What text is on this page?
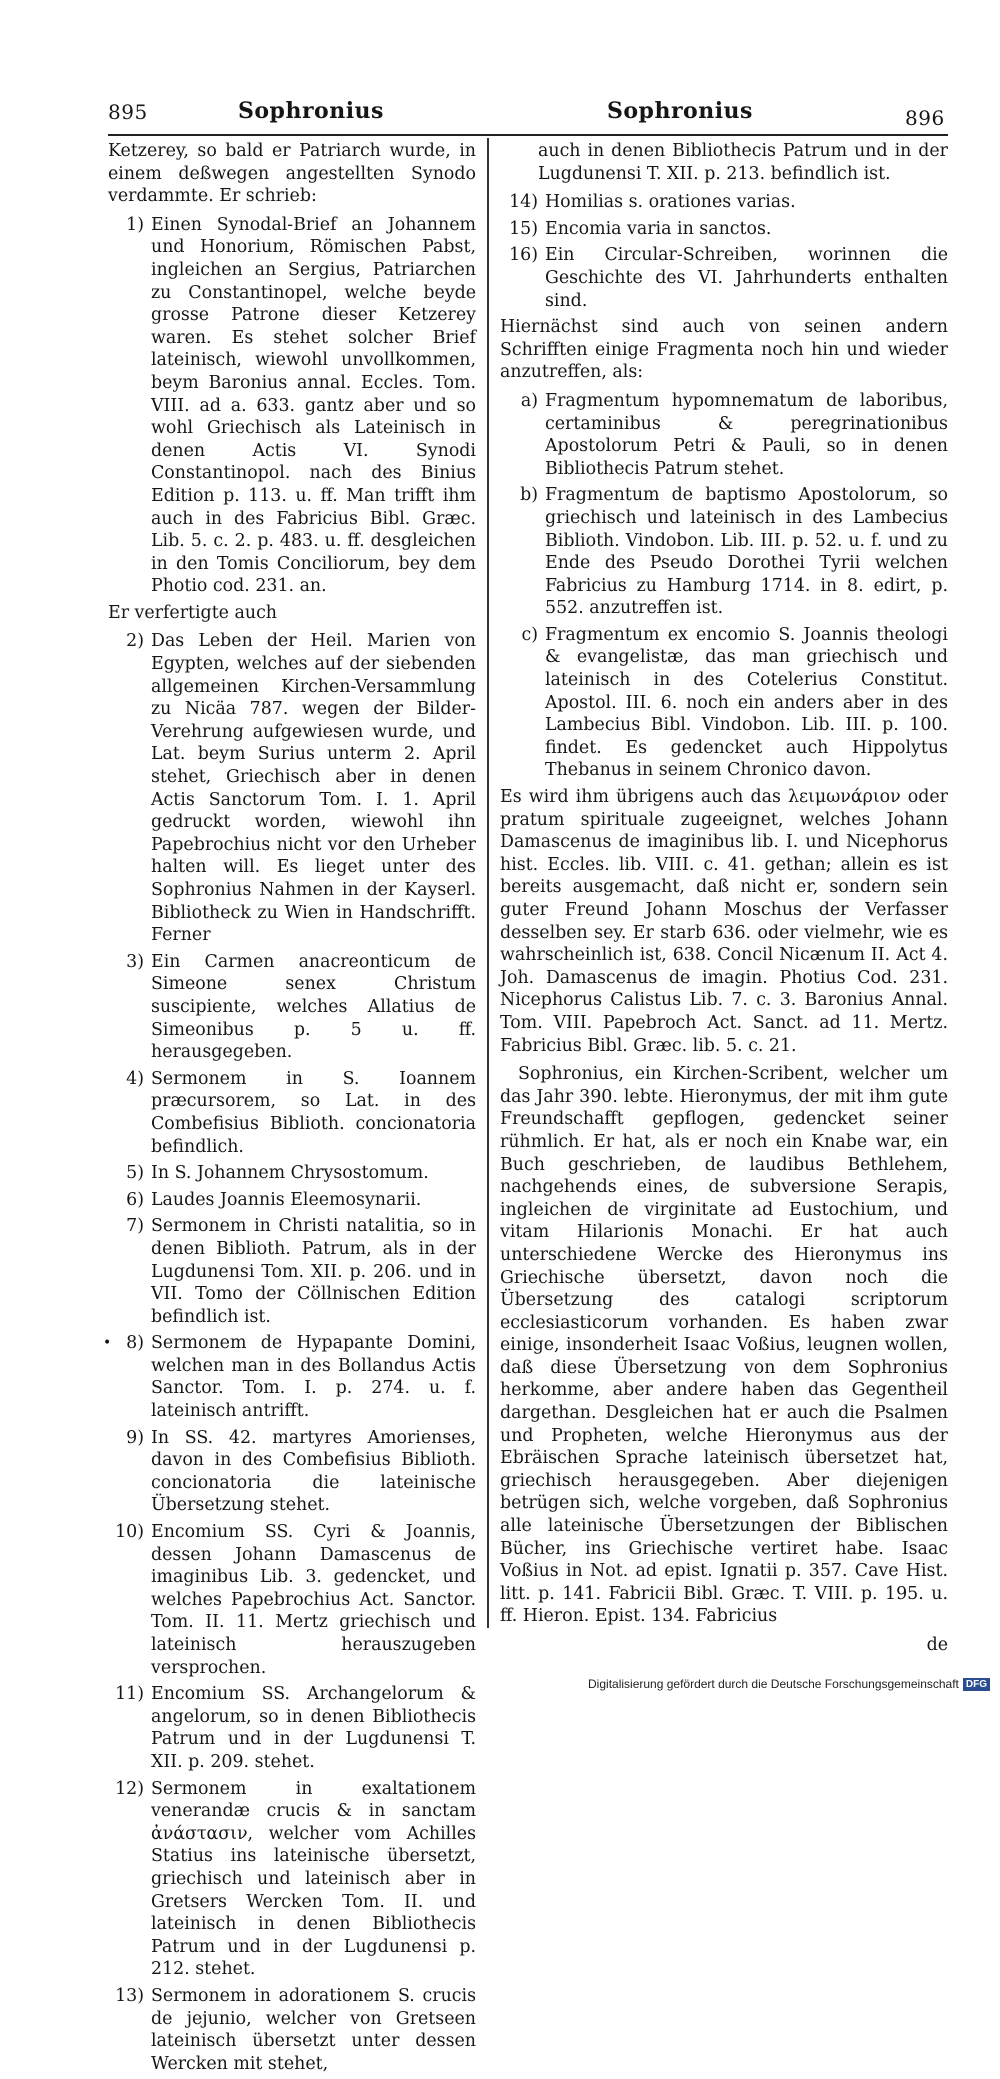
895	Sophronius	Sophronius	896

Ketzerey, so bald er Patriarch wurde, in einem deßwegen angestellten Synodo verdammte. Er schrieb:

1) Einen Synodal-Brief an Johannem und Honorium, Römischen Pabst, ingleichen an Sergius, Patriarchen zu Constantinopel, welche beyde grosse Patrone dieser Ketzerey waren. Es stehet solcher Brief lateinisch, wiewohl unvollkommen, beym Baronius annal. Eccles. Tom. VIII. ad a. 633. gantz aber und so wohl Griechisch als Lateinisch in denen Actis VI. Synodi Constantinopol. nach des Binius Edition p. 113. u. ff. Man trifft ihm auch in des Fabricius Bibl. Græc. Lib. 5. c. 2. p. 483. u. ff. desgleichen in den Tomis Conciliorum, bey dem Photio cod. 231. an.

Er verfertigte auch

2) Das Leben der Heil. Marien von Egypten, welches auf der siebenden allgemeinen Kirchen-Versammlung zu Nicäa 787. wegen der Bilder-Verehrung aufgewiesen wurde, und Lat. beym Surius unterm 2. April stehet, Griechisch aber in denen Actis Sanctorum Tom. I. 1. April gedruckt worden, wiewohl ihn Papebrochius nicht vor den Urheber halten will. Es lieget unter des Sophronius Nahmen in der Kayserl. Bibliotheck zu Wien in Handschrifft. Ferner
3) Ein Carmen anacreonticum de Simeone senex Christum suscipiente, welches Allatius de Simeonibus p. 5 u. ff. herausgegeben.
4) Sermonem in S. Ioannem præcursorem, so Lat. in des Combefisius Biblioth. concionatoria befindlich.
5) In S. Johannem Chrysostomum.
6) Laudes Joannis Eleemosynarii.
7) Sermonem in Christi natalitia, so in denen Biblioth. Patrum, als in der Lugdunensi Tom. XII. p. 206. und in VII. Tomo der Cöllnischen Edition befindlich ist.
8) Sermonem de Hypapante Domini, welchen man in des Bollandus Actis Sanctor. Tom. I. p. 274. u. f. lateinisch antrifft.
9) In SS. 42. martyres Amorienses, davon in des Combefisius Biblioth. concionatoria die lateinische Übersetzung stehet.
10) Encomium SS. Cyri & Joannis, dessen Johann Damascenus de imaginibus Lib. 3. gedencket, und welches Papebrochius Act. Sanctor. Tom. II. 11. Mertz griechisch und lateinisch herauszugeben versprochen.
11) Encomium SS. Archangelorum & angelorum, so in denen Bibliothecis Patrum und in der Lugdunensi T. XII. p. 209. stehet.
12) Sermonem in exaltationem venerandæ crucis & in sanctam ἀνάστασιν, welcher vom Achilles Statius ins lateinische übersetzt, griechisch und lateinisch aber in Gretsers Wercken Tom. II. und lateinisch in denen Bibliothecis Patrum und in der Lugdunensi p. 212. stehet.
13) Sermonem in adorationem S. crucis de jejunio, welcher von Gretseen lateinisch übersetzt unter dessen Wercken mit stehet,
•

auch in denen Bibliothecis Patrum und in der Lugdunensi T. XII. p. 213. befindlich ist.

14) Homilias s. orationes varias.
15) Encomia varia in sanctos.
16) Ein Circular-Schreiben, worinnen die Geschichte des VI. Jahrhunderts enthalten sind.

Hiernächst sind auch von seinen andern Schrifften einige Fragmenta noch hin und wieder anzutreffen, als:

a) Fragmentum hypomnematum de laboribus, certaminibus & peregrinationibus Apostolorum Petri & Pauli, so in denen Bibliothecis Patrum stehet.
b) Fragmentum de baptismo Apostolorum, so griechisch und lateinisch in des Lambecius Biblioth. Vindobon. Lib. III. p. 52. u. f. und zu Ende des Pseudo Dorothei Tyrii welchen Fabricius zu Hamburg 1714. in 8. edirt, p. 552. anzutreffen ist.
c) Fragmentum ex encomio S. Joannis theologi & evangelistæ, das man griechisch und lateinisch in des Cotelerius Constitut. Apostol. III. 6. noch ein anders aber in des Lambecius Bibl. Vindobon. Lib. III. p. 100. findet. Es gedencket auch Hippolytus Thebanus in seinem Chronico davon.

Es wird ihm übrigens auch das λειμωνάριον oder pratum spirituale zugeeignet, welches Johann Damascenus de imaginibus lib. I. und Nicephorus hist. Eccles. lib. VIII. c. 41. gethan; allein es ist bereits ausgemacht, daß nicht er, sondern sein guter Freund Johann Moschus der Verfasser desselben sey. Er starb 636. oder vielmehr, wie es wahrscheinlich ist, 638. Concil Nicænum II. Act 4. Joh. Damascenus de imagin. Photius Cod. 231. Nicephorus Calistus Lib. 7. c. 3. Baronius Annal. Tom. VIII. Papebroch Act. Sanct. ad 11. Mertz. Fabricius Bibl. Græc. lib. 5. c. 21.

Sophronius, ein Kirchen-Scribent, welcher um das Jahr 390. lebte. Hieronymus, der mit ihm gute Freundschafft gepflogen, gedencket seiner rühmlich. Er hat, als er noch ein Knabe war, ein Buch geschrieben, de laudibus Bethlehem, nachgehends eines, de subversione Serapis, ingleichen de virginitate ad Eustochium, und vitam Hilarionis Monachi. Er hat auch unterschiedene Wercke des Hieronymus ins Griechische übersetzt, davon noch die Übersetzung des catalogi scriptorum ecclesiasticorum vorhanden. Es haben zwar einige, insonderheit Isaac Voßius, leugnen wollen, daß diese Übersetzung von dem Sophronius herkomme, aber andere haben das Gegentheil dargethan. Desgleichen hat er auch die Psalmen und Propheten, welche Hieronymus aus der Ebräischen Sprache lateinisch übersetzet hat, griechisch herausgegeben. Aber diejenigen betrügen sich, welche vorgeben, daß Sophronius alle lateinische Übersetzungen der Biblischen Bücher, ins Griechische vertiret habe. Isaac Voßius in Not. ad epist. Ignatii p. 357. Cave Hist. litt. p. 141. Fabricii Bibl. Græc. T. VIII. p. 195. u. ff. Hieron. Epist. 134. Fabricius

de

Digitalisierung gefördert durch die Deutsche Forschungsgemeinschaft DFG
